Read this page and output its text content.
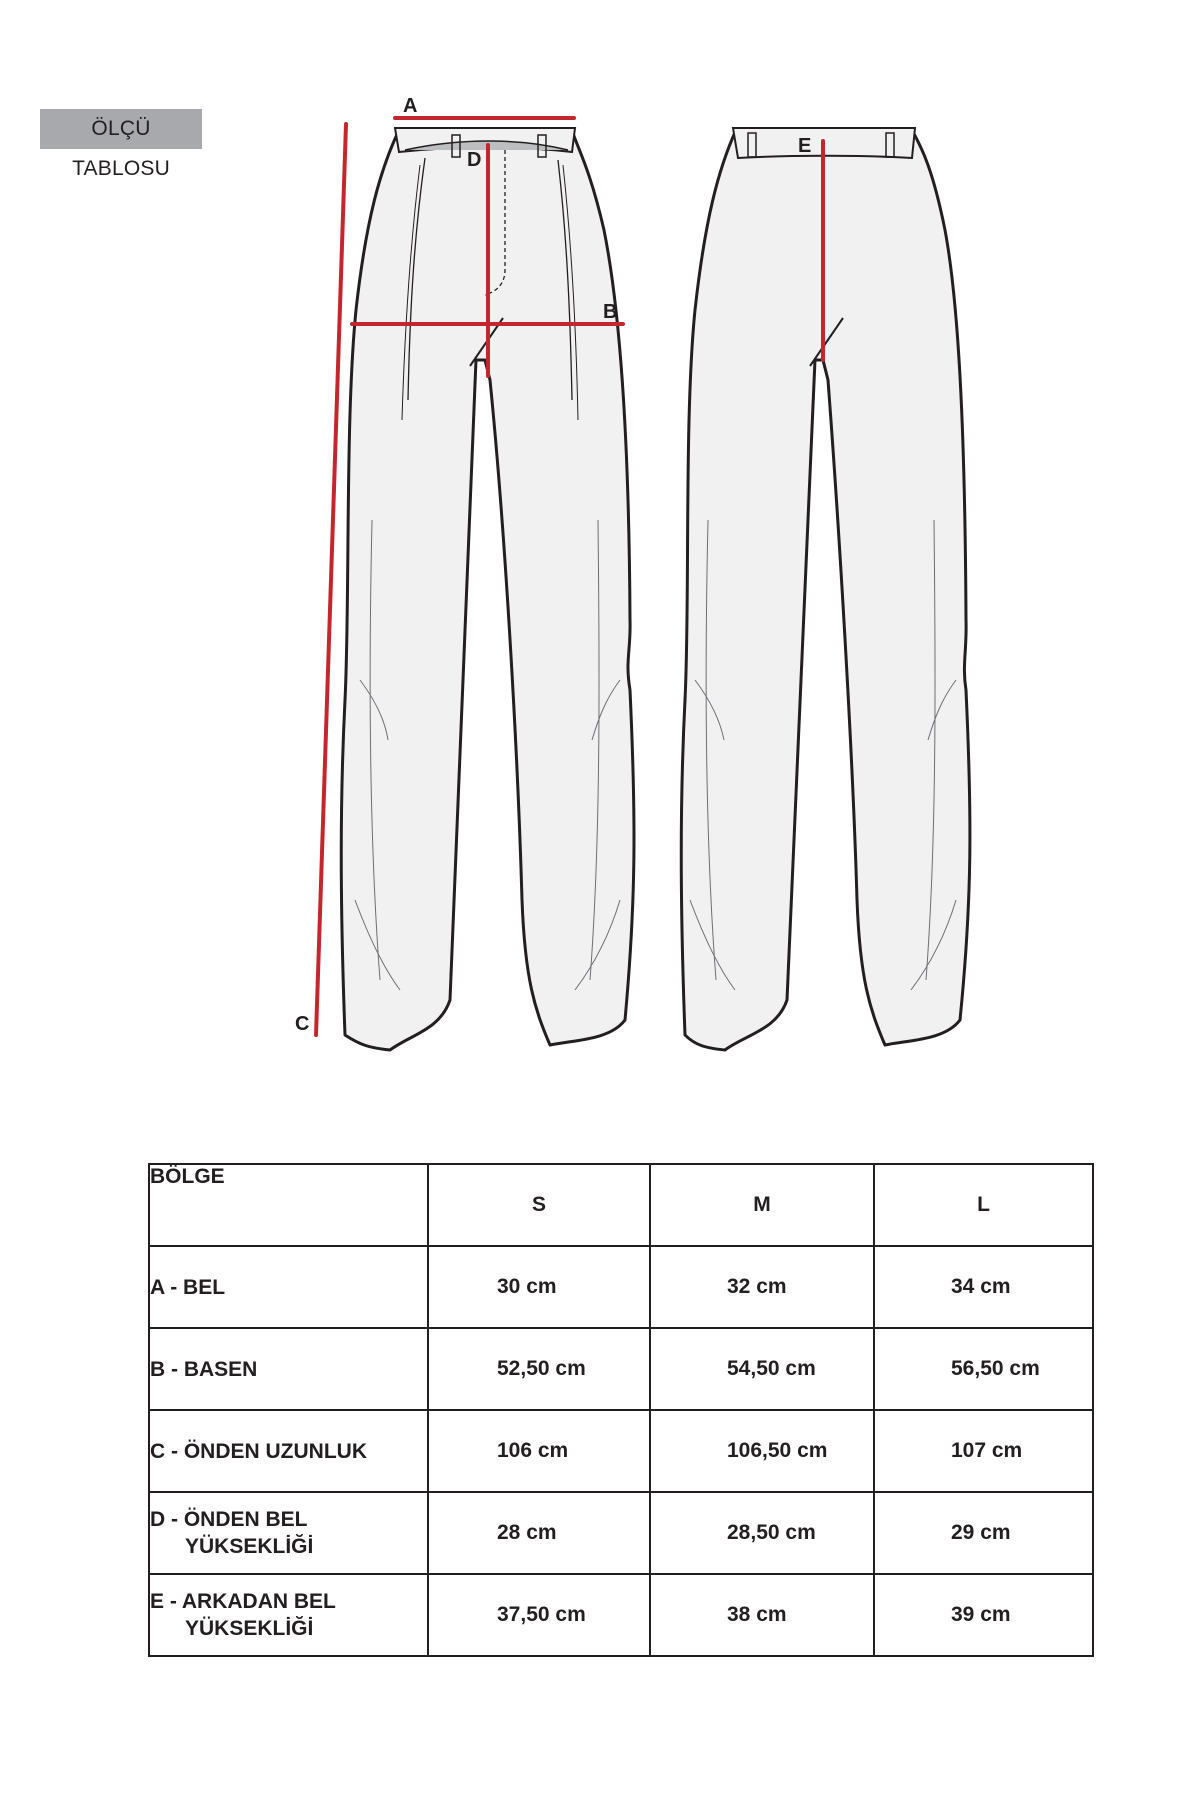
ÖLÇÜ TABLOSU
A
B
C
D
E
BÖLGE	S	M	L
A - BEL	30 cm	32 cm	34 cm
B - BASEN	52,50 cm	54,50 cm	56,50 cm
C - ÖNDEN UZUNLUK	106 cm	106,50 cm	107 cm
D - ÖNDEN BEL
YÜKSEKLİĞİ	28 cm	28,50 cm	29 cm
E - ARKADAN BEL
YÜKSEKLİĞİ	37,50 cm	38 cm	39 cm
